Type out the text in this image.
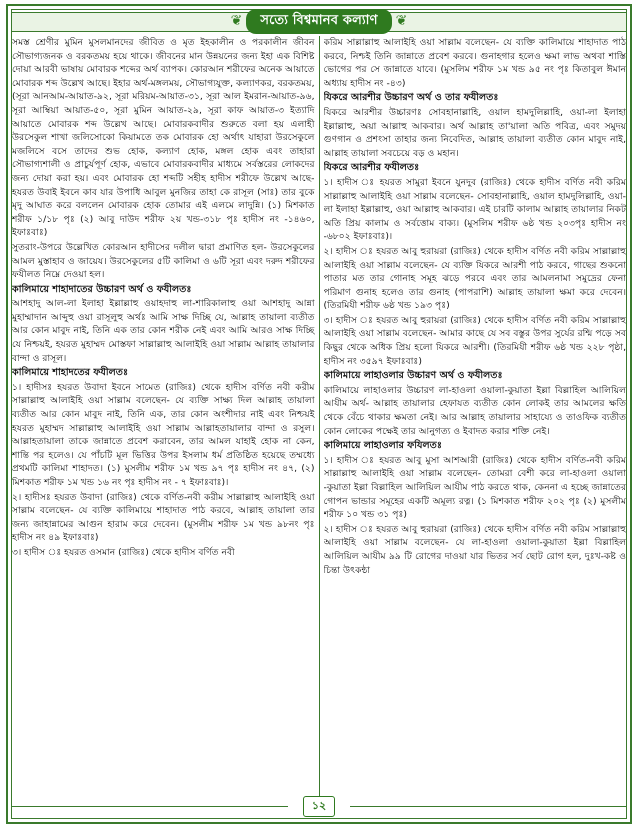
❦	সত্যে বিশ্বমানব কল্যাণ	❦

সমস্ত শ্রেণীর মুমিন মুসলমানদের জীবিত ও মৃত ইহকালীন ও পরকালীন জীবন সৌভাগ্যজনক ও বরকতময় হয়ে থাকে। জীবনের মান উন্নয়নের জন্য ইহা এক বিশিষ্ট দোয়া আরবী ভাষায় মোবারক শব্দের অর্থ ব্যাপক। কোরআন শরীফের অনেক আয়াতে মোবারক শব্দ উল্লেখ আছে। ইহার অর্থ-মঙ্গলময়, সৌভাগ্যযুক্ত, কল্যাণকর, বরকতময়, (সূরা আনআম-আয়াত-৯২, সূরা মরিয়ম-আয়াত-৩১, সূরা আল ইমরান-আয়াত-৯৬, সূরা আম্বিয়া আয়াত-৫০, সূরা মুমিন আয়াত-২৯, সূরা কাফ আয়াত-৩ ইত্যাদি আয়াতে মোবারক শব্দ উল্লেখ আছে। মোবারকবাদীর শুরুতে বলা হয় এলাহী উরসেকুল শাখা জলিসোকো কিয়ামতে তক মোবারক হো অর্থাৎ যাহারা উরসেকুলে মজলিসে বসে তাদের শুভ হোক, কল্যাণ হোক, মঙ্গল হোক এবং তাহারা সৌভাগ্যশালী ও প্রাচুর্যপূর্ণ হোক, এভাবে মোবারকবাদীর মাধ্যমে সর্বস্তরের লোকদের জন্য দোয়া করা হয়। এবং মোবারক হো শব্দটি সহীহ হাদীস শরীফে উল্লেখ আছে- হযরত উবাই ইবনে কাব যার উপাধি আবুল মুনজির তাহা কে রাসূল (সাঃ) তার বুকে মৃদু আঘাত করে বললেন মোবারক হোক তোমার এই এলমে লাদুন্নি। (১) মিশকাত শরীফ ১/১৮ পৃঃ (২) আবু দাউদ শরীফ ২য় খন্ড-৩১৮ পৃঃ হাদীস নং -১৪৬০, ইফাঃবাঃ)

সুতরাং-উপরে উল্লেখিত কোরআন হাদীসের দলীল দ্বারা প্রমাণিত হল- উরসেকুলের আমল মুস্তাহাব ও জায়েয। উরসেকুলের ৫টি কালিমা ও ৬টি সূরা এবং দরুদ শরীফের ফযীলত নিম্নে দেওয়া হল।

কালিমায়ে শাহাদাতের উচ্চারণ অর্থ ও ফযীলতঃ

আশহাদু আল-লা ইলাহা ইল্লাল্লাহু ওয়াহদাহু লা-শারিকালাহু ওয়া আশহাদু আন্না মুহাম্মাদান আব্দুহু ওয়া রাসূলুহু অর্থঃ আমি সাক্ষ দিচ্ছি যে, আল্লাহ তায়ালা ব্যতীত আর কোন মাবুদ নাই, তিনি এক তার কোন শরীক নেই এবং আমি আরও সাক্ষ দিচ্ছি যে নিশ্চয়ই, হযরত মুহাম্মদ মোস্তফা সাল্লাল্লাহু আলাইহি ওয়া সাল্লাম আল্লাহ তায়ালার বান্দা ও রাসূল।

কালিমায়ে শাহাদতের ফযীলতঃ

১। হাদীসঃ হযরত উবাদা ইবনে সামেত (রাজিঃ) থেকে হাদীস বর্ণিত নবী করীম সাল্লাল্লাহু আলাইহি ওয়া সাল্লাম বলেছেন- যে ব্যক্তি সাক্ষ্য দিল আল্লাহ তায়ালা ব্যতীত আর কোন মাবুদ নাই, তিনি এক, তার কোন অংশীদার নাই এবং নিশ্চয়ই হযরত মুহাম্মদ সাল্লাল্লাহু আলাইহি ওয়া সাল্লাম আল্লাহতায়ালার বান্দা ও রসুল। আল্লাহতায়ালা তাকে জান্নাতে প্রবেশ করাবেন, তার আমল যাহাই হোক না কেন, শান্তি পর হলেও। যে পাঁচটি মূল ভিত্তির উপর ইসলাম ধর্ম প্রতিষ্ঠিত হয়েছে তম্মধ্যে প্রথমটি কালিমা শাহাদত। (১) মুসলীম শরীফ ১ম খন্ড ৯৭ পৃঃ হাদীস নং ৪৭, (২) মিশকাত শরীফ ১ম খন্ড ১৬ নং পৃঃ হাদীস নং - ৭ ইফাঃবাঃ)।

২। হাদীসঃ হযরত উবাদা (রাজিঃ) থেকে বর্ণিত-নবী করীম সাল্লাল্লাহু আলাইহি ওয়া সাল্লাম বলেছেন- যে ব্যক্তি কালিমায়ে শাহাদাত পাঠ করবে, আল্লাহ তায়ালা তার জন্য জাহান্নামের আগুন হারাম করে দেবেন। (মুসলীম শরীফ ১ম খন্ড ৯৮নং পৃঃ হাদীস নং ৪৯ ইফাঃবাঃ)

৩। হাদীস ঃ হযরত ওসমান (রাজিঃ) থেকে হাদীস বর্ণিত নবী

করিম সাল্লাল্লাহু আলাইহি ওয়া সাল্লাম বলেছেন- যে ব্যক্তি কালিমায়ে শাহাদাত পাঠ করবে, নিশ্চই তিনি জান্নাতে প্রবেশ করবে। গুনাহগার হলেও ক্ষমা লাভ অথবা শাস্তি ভোগের পর সে জান্নাতে যাবে। (মুসলিম শরীফ ১ম খন্ড ৯৫ নং পৃঃ কিতাবুল ঈমান অধ্যায় হাদীস নং -৪৩)

যিকরে আরশীর উচ্চারণ অর্থ ও তার ফযীলতঃ

যিকরে আরশীর উচ্চারণঃ সোবহানাল্লাহি, ওয়াল হামদুলিল্লাহি, ওয়া-লা ইলাহা ইল্লাল্লাহু, অয়া আল্লাহু আকবার। অর্থ আল্লাহ তা'য়ালা অতি পবিত্র, এবং সমুদয় গুণগান ও প্রশংসা তাহার জন্য নিবেদিত, আল্লাহ তায়ালা ব্যতীত কোন মাবুদ নাই, আল্লাহ তায়ালা সবচেয়ে বড় ও মহান।

যিকরে আরশীর ফযীলতঃ

১। হাদীস ঃ হযরত সামুরা ইবনে যুনদুব (রাজিঃ) থেকে হাদীস বর্ণিত নবী করিম সাল্লাল্লাহু আলাইহি ওয়া সাল্লাম বলেছেন- সোবহানাল্লাহি, ওয়াল হামদুলিল্লাহি, ওয়া-লা ইলাহা ইল্লাল্লাহু, ওয়া আল্লাহু আকবার। এই চারটি কালাম আল্লাহ তায়ালার নিকট অতি প্রিয় কালাম ও সর্বত্তোম বাক্য। (মুসলিম শরীফ ৬ষ্ঠ খন্ড ২০৩পৃঃ হাদীস নং -৬৮০২ ইফাঃবাঃ)।

২। হাদীস ঃ হযরত আবু হুরায়রা (রাজিঃ) থেকে হাদীস বর্ণিত নবী করিম সাল্লাল্লাহু আলাইহি ওয়া সাল্লাম বলেছেন- যে ব্যক্তি যিকরে আরশী পাঠ করবে, গাছের শুকনো পাতার মত তার গোনাহ সমূহ ঝড়ে পরবে এবং তার আমলনামা সমুদ্রের ফেনা পরিমাণ গুনাহ হলেও তার গুনাহ (পাপরাশি) আল্লাহ তায়ালা ক্ষমা করে দেবেন। (তিরমিযী শরীফ ৬ষ্ঠ খন্ড ১৯৩ পৃঃ)

৩। হাদীস ঃ হযরত আবু হুরায়রা (রাজিঃ) থেকে হাদীস বর্ণিত নবী করিম সাল্লাল্লাহু আলাইহি ওয়া সাল্লাম বলেছেন- আমার কাছে যে সব বস্তুর উপর সুর্যের রশ্মি পড়ে সব কিছুর থেকে অধিক প্রিয় হলো যিকরে আরশী। (তিরমিযী শরীফ ৬ষ্ঠ খন্ড ২২৮ পৃষ্ঠা, হাদীস নং ৩৫৯৭ ইফাঃবাঃ)

কালিমায়ে লাহাওলার উচ্চারণ অর্থ ও ফযীলতঃ

কালিমায়ে লাহাওলার উচ্চারণ লা-হাওলা ওয়ালা-কুয়াতা ইল্লা বিল্লাহিল আলিয়িল আযীম অর্থ- আল্লাহ তায়ালার হেফাযত ব্যতীত কোন লোকই তার আমলের ক্ষতি থেকে বেঁচে থাকার ক্ষমতা নেই। আর আল্লাহ তায়ালার সাহায্যে ও তাওফিক ব্যতীত কোন লোকের পক্ষেই তার আনুগত্য ও ইবাদত করার শক্তি নেই।

কালিমায়ে লাহাওলার ফযিলতঃ

১। হাদীস ঃ হযরত আবু মুসা আশআরী (রাজিঃ) থেকে হাদীস বর্ণিত-নবী করিম সাল্লাল্লাহু আলাইহি ওয়া সাল্লাম বলেছেন- তোমরা বেশী করে লা-হাওলা ওয়ালা -কুয়াতা ইল্লা বিল্লাহিল আলিয়িল আযীম পাঠ করতে থাক, কেননা এ হচ্ছে জান্নাতের গোপন ভান্ডার সমূহের একটি অমূল্য রত্ন। (১ মিশকাত শরীফ ২০২ পৃঃ (২) মুসলীম শরীফ ১০ খন্ড ৩১ পৃঃ)

২। হাদীস ঃ হযরত আবু হুরায়রা (রাজিঃ) থেকে হাদীস বর্ণিত নবী করিম সাল্লাল্লাহু আলাইহি ওয়া সাল্লাম বলেছেন- যে লা-হাওলা ওয়ালা-কুয়াতা ইল্লা বিল্লাহিল আলিয়িল আযীম ৯৯ টি রোগের দাওয়া যার ভিতর সর্ব ছোট রোগ হল, দুঃখ-কষ্ট ও চিন্তা উৎকন্ঠা

১২
